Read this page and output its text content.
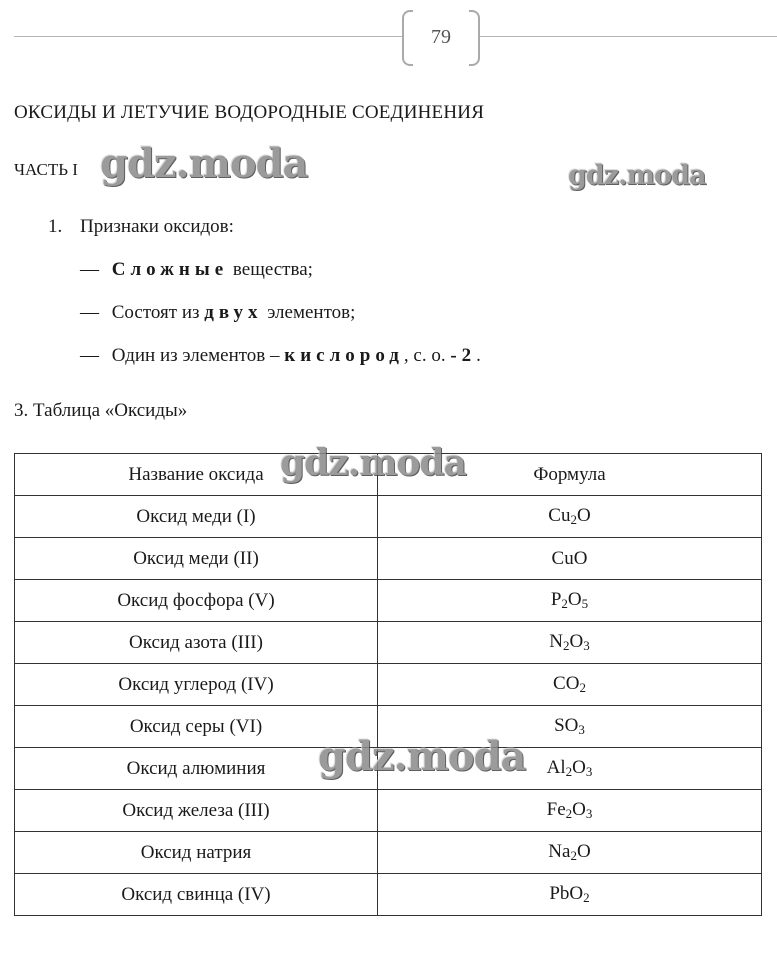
79
ОКСИДЫ И ЛЕТУЧИЕ ВОДОРОДНЫЕ СОЕДИНЕНИЯ
ЧАСТЬ I
1. Признаки оксидов:
— Сложные вещества;
— Состоят из двух элементов;
— Один из элементов – кислород, с. о. -2.
3. Таблица «Оксиды»
Название оксида	Формула
Оксид меди (I)	$Cu_2O$
Оксид меди (II)	CuO
Оксид фосфора (V)	$P_2O_5$
Оксид азота (III)	$N_2O_3$
Оксид углерод (IV)	$CO_2$
Оксид серы (VI)	$SO_3$
Оксид алюминия	$Al_2O_3$
Оксид железа (III)	$Fe_2O_3$
Оксид натрия	$Na_2O$
Оксид свинца (IV)	PbO$_2$
gdz.moda	gdz.moda
gdz.moda
gdz.moda
